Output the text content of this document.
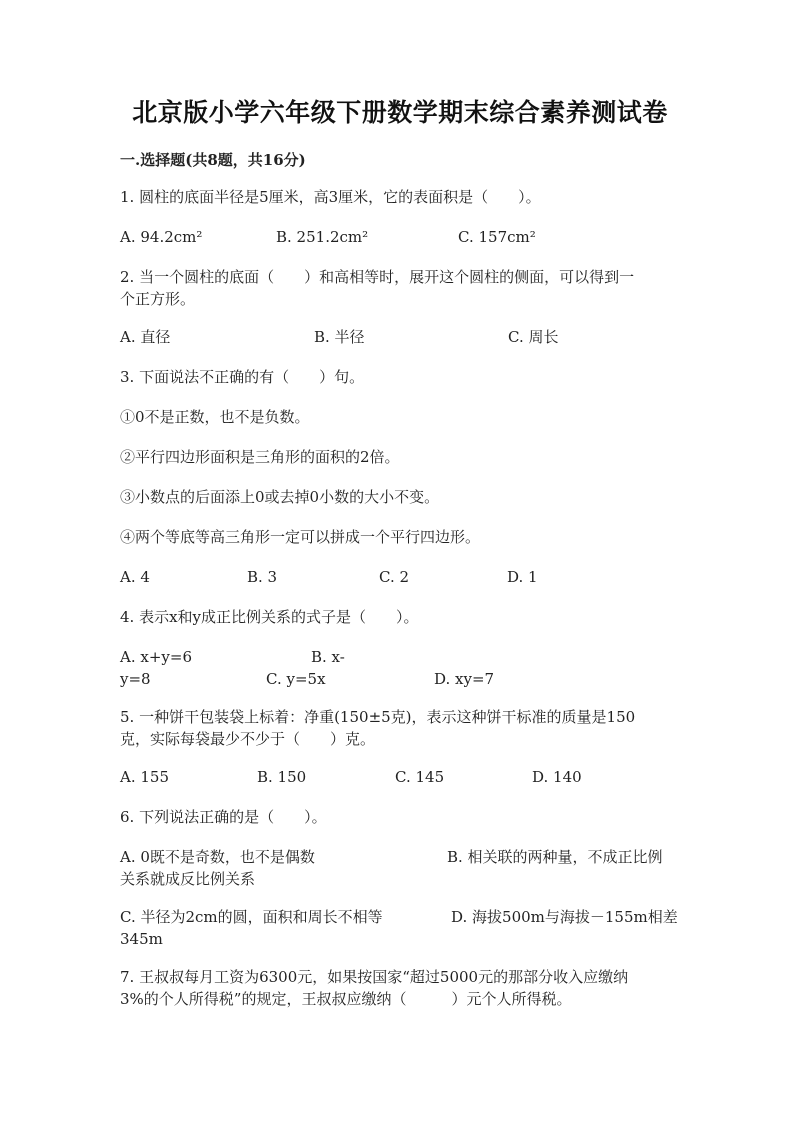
北京版小学六年级下册数学期末综合素养测试卷
一.选择题(共8题，共16分)
1. 圆柱的底面半径是5厘米，高3厘米，它的表面积是（　　）。
A. 94.2cm²	B. 251.2cm²	C. 157cm²
2. 当一个圆柱的底面（　　）和高相等时，展开这个圆柱的侧面，可以得到一
个正方形。
A. 直径	B. 半径	C. 周长
3. 下面说法不正确的有（　　）句。
①0不是正数，也不是负数。
②平行四边形面积是三角形的面积的2倍。
③小数点的后面添上0或去掉0小数的大小不变。
④两个等底等高三角形一定可以拼成一个平行四边形。
A. 4	B. 3	C. 2	D. 1
4. 表示x和y成正比例关系的式子是（　　）。
A. x+y=6	B. x-
y=8	C. y=5x	D. xy=7
5. 一种饼干包装袋上标着：净重(150±5克)，表示这种饼干标准的质量是150
克，实际每袋最少不少于（　　）克。
A. 155	B. 150	C. 145	D. 140
6. 下列说法正确的是（　　）。
A. 0既不是奇数，也不是偶数	B. 相关联的两种量，不成正比例
关系就成反比例关系
C. 半径为2cm的圆，面积和周长不相等	D. 海拔500m与海拔－155m相差
345m
7. 王叔叔每月工资为6300元，如果按国家“超过5000元的那部分收入应缴纳
3%的个人所得税”的规定，王叔叔应缴纳（　　　）元个人所得税。
